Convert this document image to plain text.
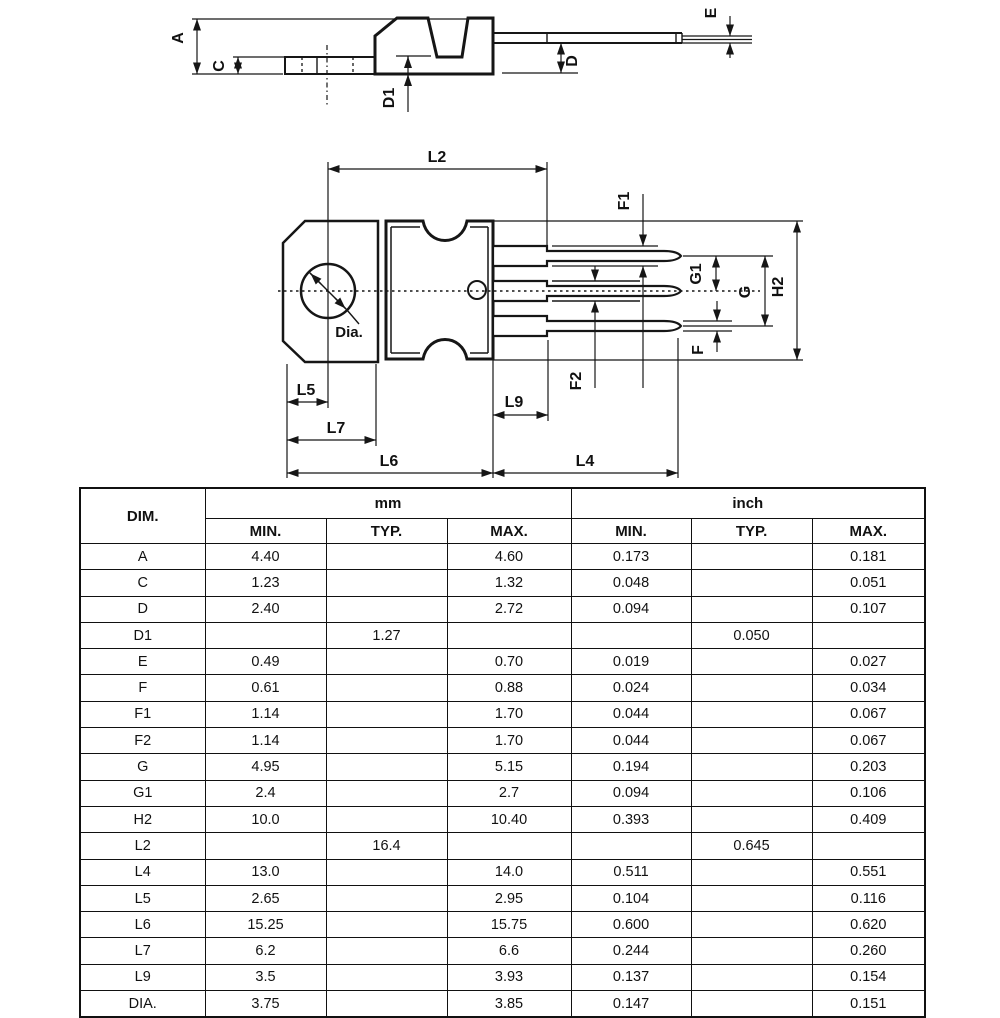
A
C
D1
D
E
Dia.
L2
F1
F2
G1
G
F
H2
L5
L7
L9
L6	L4
DIM.	mm			inch		
	MIN.	TYP.	MAX.	MIN.	TYP.	MAX.
A	4.40		4.60	0.173		0.181
C	1.23		1.32	0.048		0.051
D	2.40		2.72	0.094		0.107
D1		1.27			0.050	
E	0.49		0.70	0.019		0.027
F	0.61		0.88	0.024		0.034
F1	1.14		1.70	0.044		0.067
F2	1.14		1.70	0.044		0.067
G	4.95		5.15	0.194		0.203
G1	2.4		2.7	0.094		0.106
H2	10.0		10.40	0.393		0.409
L2		16.4			0.645	
L4	13.0		14.0	0.511		0.551
L5	2.65		2.95	0.104		0.116
L6	15.25		15.75	0.600		0.620
L7	6.2		6.6	0.244		0.260
L9	3.5		3.93	0.137		0.154
DIA.	3.75		3.85	0.147		0.151
